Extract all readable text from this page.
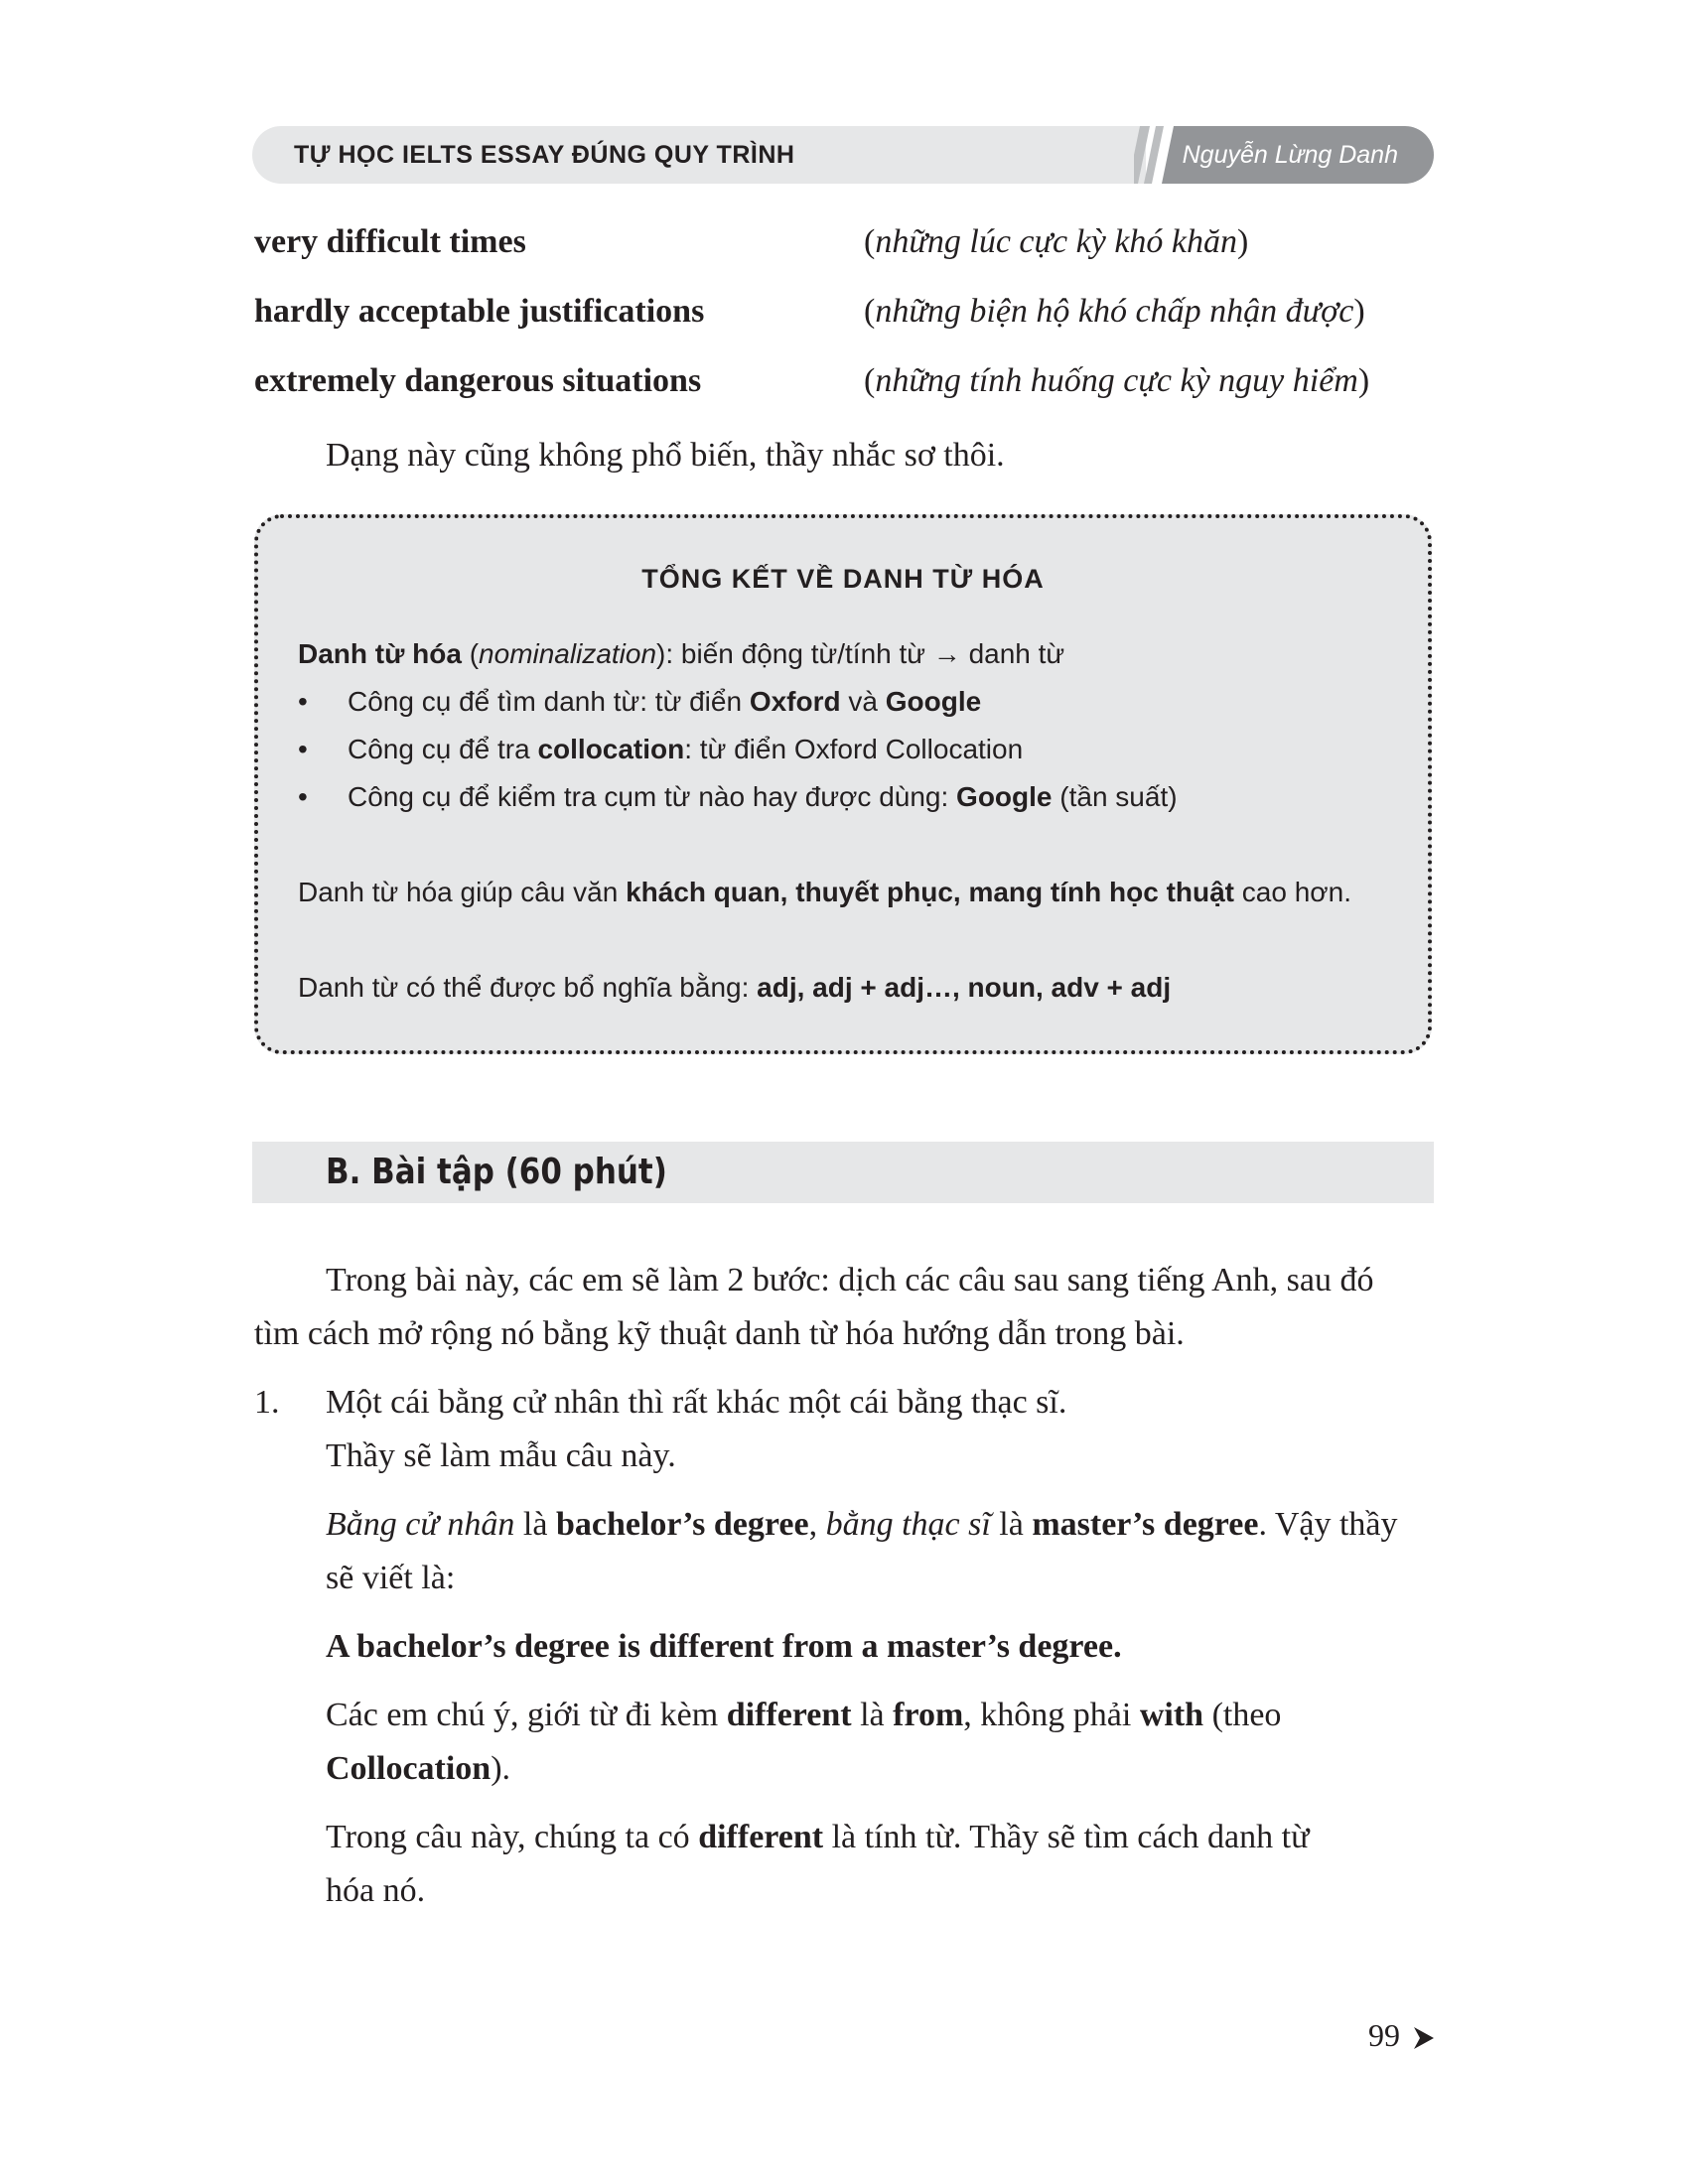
TỰ HỌC IELTS ESSAY ĐÚNG QUY TRÌNH	Nguyễn Lừng Danh
very difficult times	(những lúc cực kỳ khó khăn)
hardly acceptable justifications	(những biện hộ khó chấp nhận được)
extremely dangerous situations	(những tính huống cực kỳ nguy hiểm)
Dạng này cũng không phổ biến, thầy nhắc sơ thôi.
TỔNG KẾT VỀ DANH TỪ HÓA
Danh từ hóa (nominalization): biến động từ/tính từ → danh từ
• Công cụ để tìm danh từ: từ điển Oxford và Google
• Công cụ để tra collocation: từ điển Oxford Collocation
• Công cụ để kiểm tra cụm từ nào hay được dùng: Google (tần suất)
Danh từ hóa giúp câu văn khách quan, thuyết phục, mang tính học thuật cao hơn.
Danh từ có thể được bổ nghĩa bằng: adj, adj + adj…, noun, adv + adj
B. Bài tập (60 phút)
Trong bài này, các em sẽ làm 2 bước: dịch các câu sau sang tiếng Anh, sau đó
tìm cách mở rộng nó bằng kỹ thuật danh từ hóa hướng dẫn trong bài.
1. Một cái bằng cử nhân thì rất khác một cái bằng thạc sĩ.
Thầy sẽ làm mẫu câu này.
Bằng cử nhân là bachelor’s degree, bằng thạc sĩ là master’s degree. Vậy thầy
sẽ viết là:
A bachelor’s degree is different from a master’s degree.
Các em chú ý, giới từ đi kèm different là from, không phải with (theo
Collocation).
Trong câu này, chúng ta có different là tính từ. Thầy sẽ tìm cách danh từ
hóa nó.
99
